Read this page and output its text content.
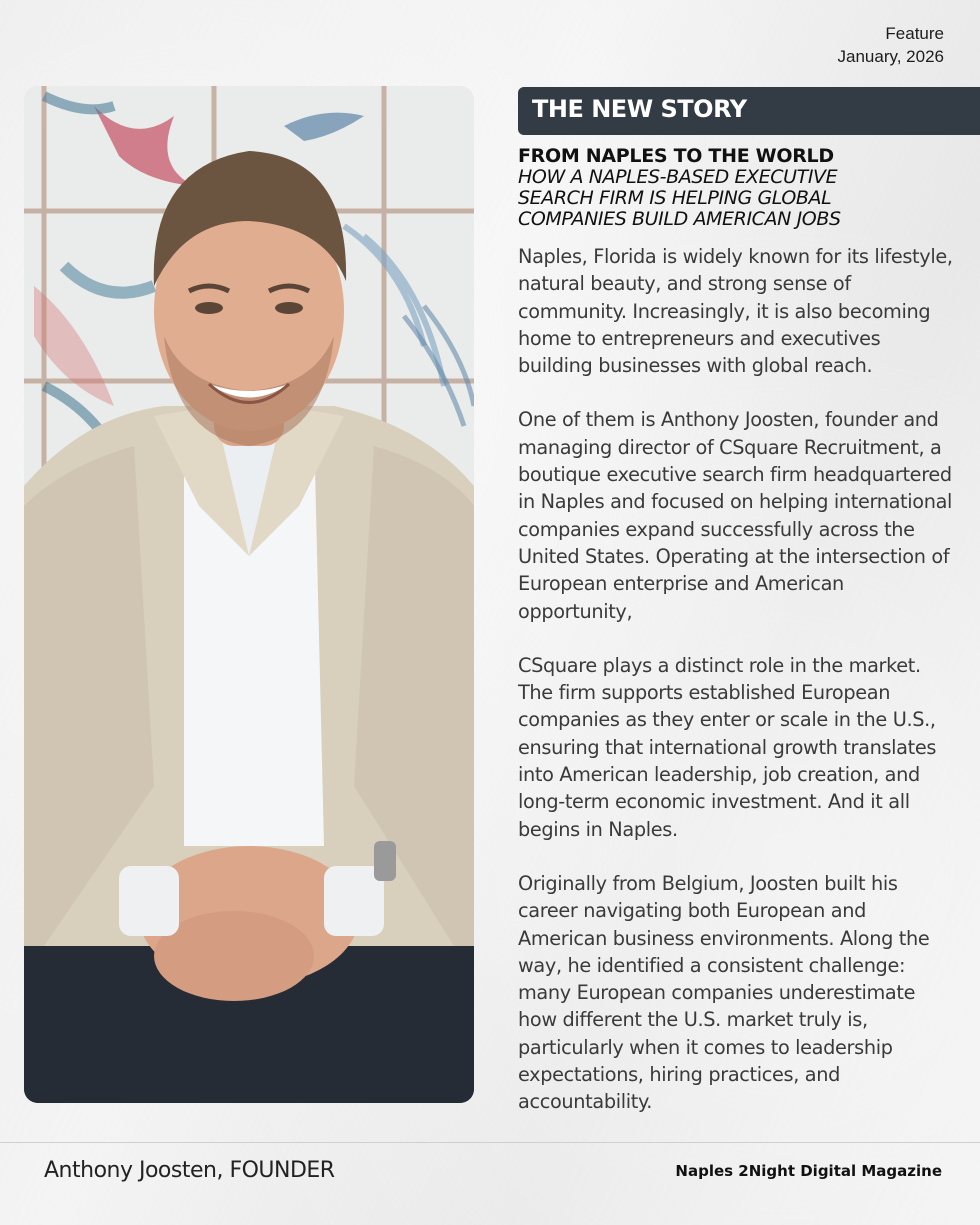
Feature
January, 2026
THE NEW STORY
FROM NAPLES TO THE WORLD
HOW A NAPLES-BASED EXECUTIVE
SEARCH FIRM IS HELPING GLOBAL
COMPANIES BUILD AMERICAN JOBS

Naples, Florida is widely known for its lifestyle, natural beauty, and strong sense of community. Increasingly, it is also becoming home to entrepreneurs and executives building businesses with global reach.

One of them is Anthony Joosten, founder and managing director of CSquare Recruitment, a boutique executive search firm headquartered in Naples and focused on helping international companies expand successfully across the United States. Operating at the intersection of European enterprise and American opportunity,

CSquare plays a distinct role in the market. The firm supports established European companies as they enter or scale in the U.S., ensuring that international growth translates into American leadership, job creation, and long-term economic investment. And it all begins in Naples.

Originally from Belgium, Joosten built his career navigating both European and American business environments. Along the way, he identified a consistent challenge: many European companies underestimate how different the U.S. market truly is, particularly when it comes to leadership expectations, hiring practices, and accountability.

Anthony Joosten, FOUNDER	Naples 2Night Digital Magazine
